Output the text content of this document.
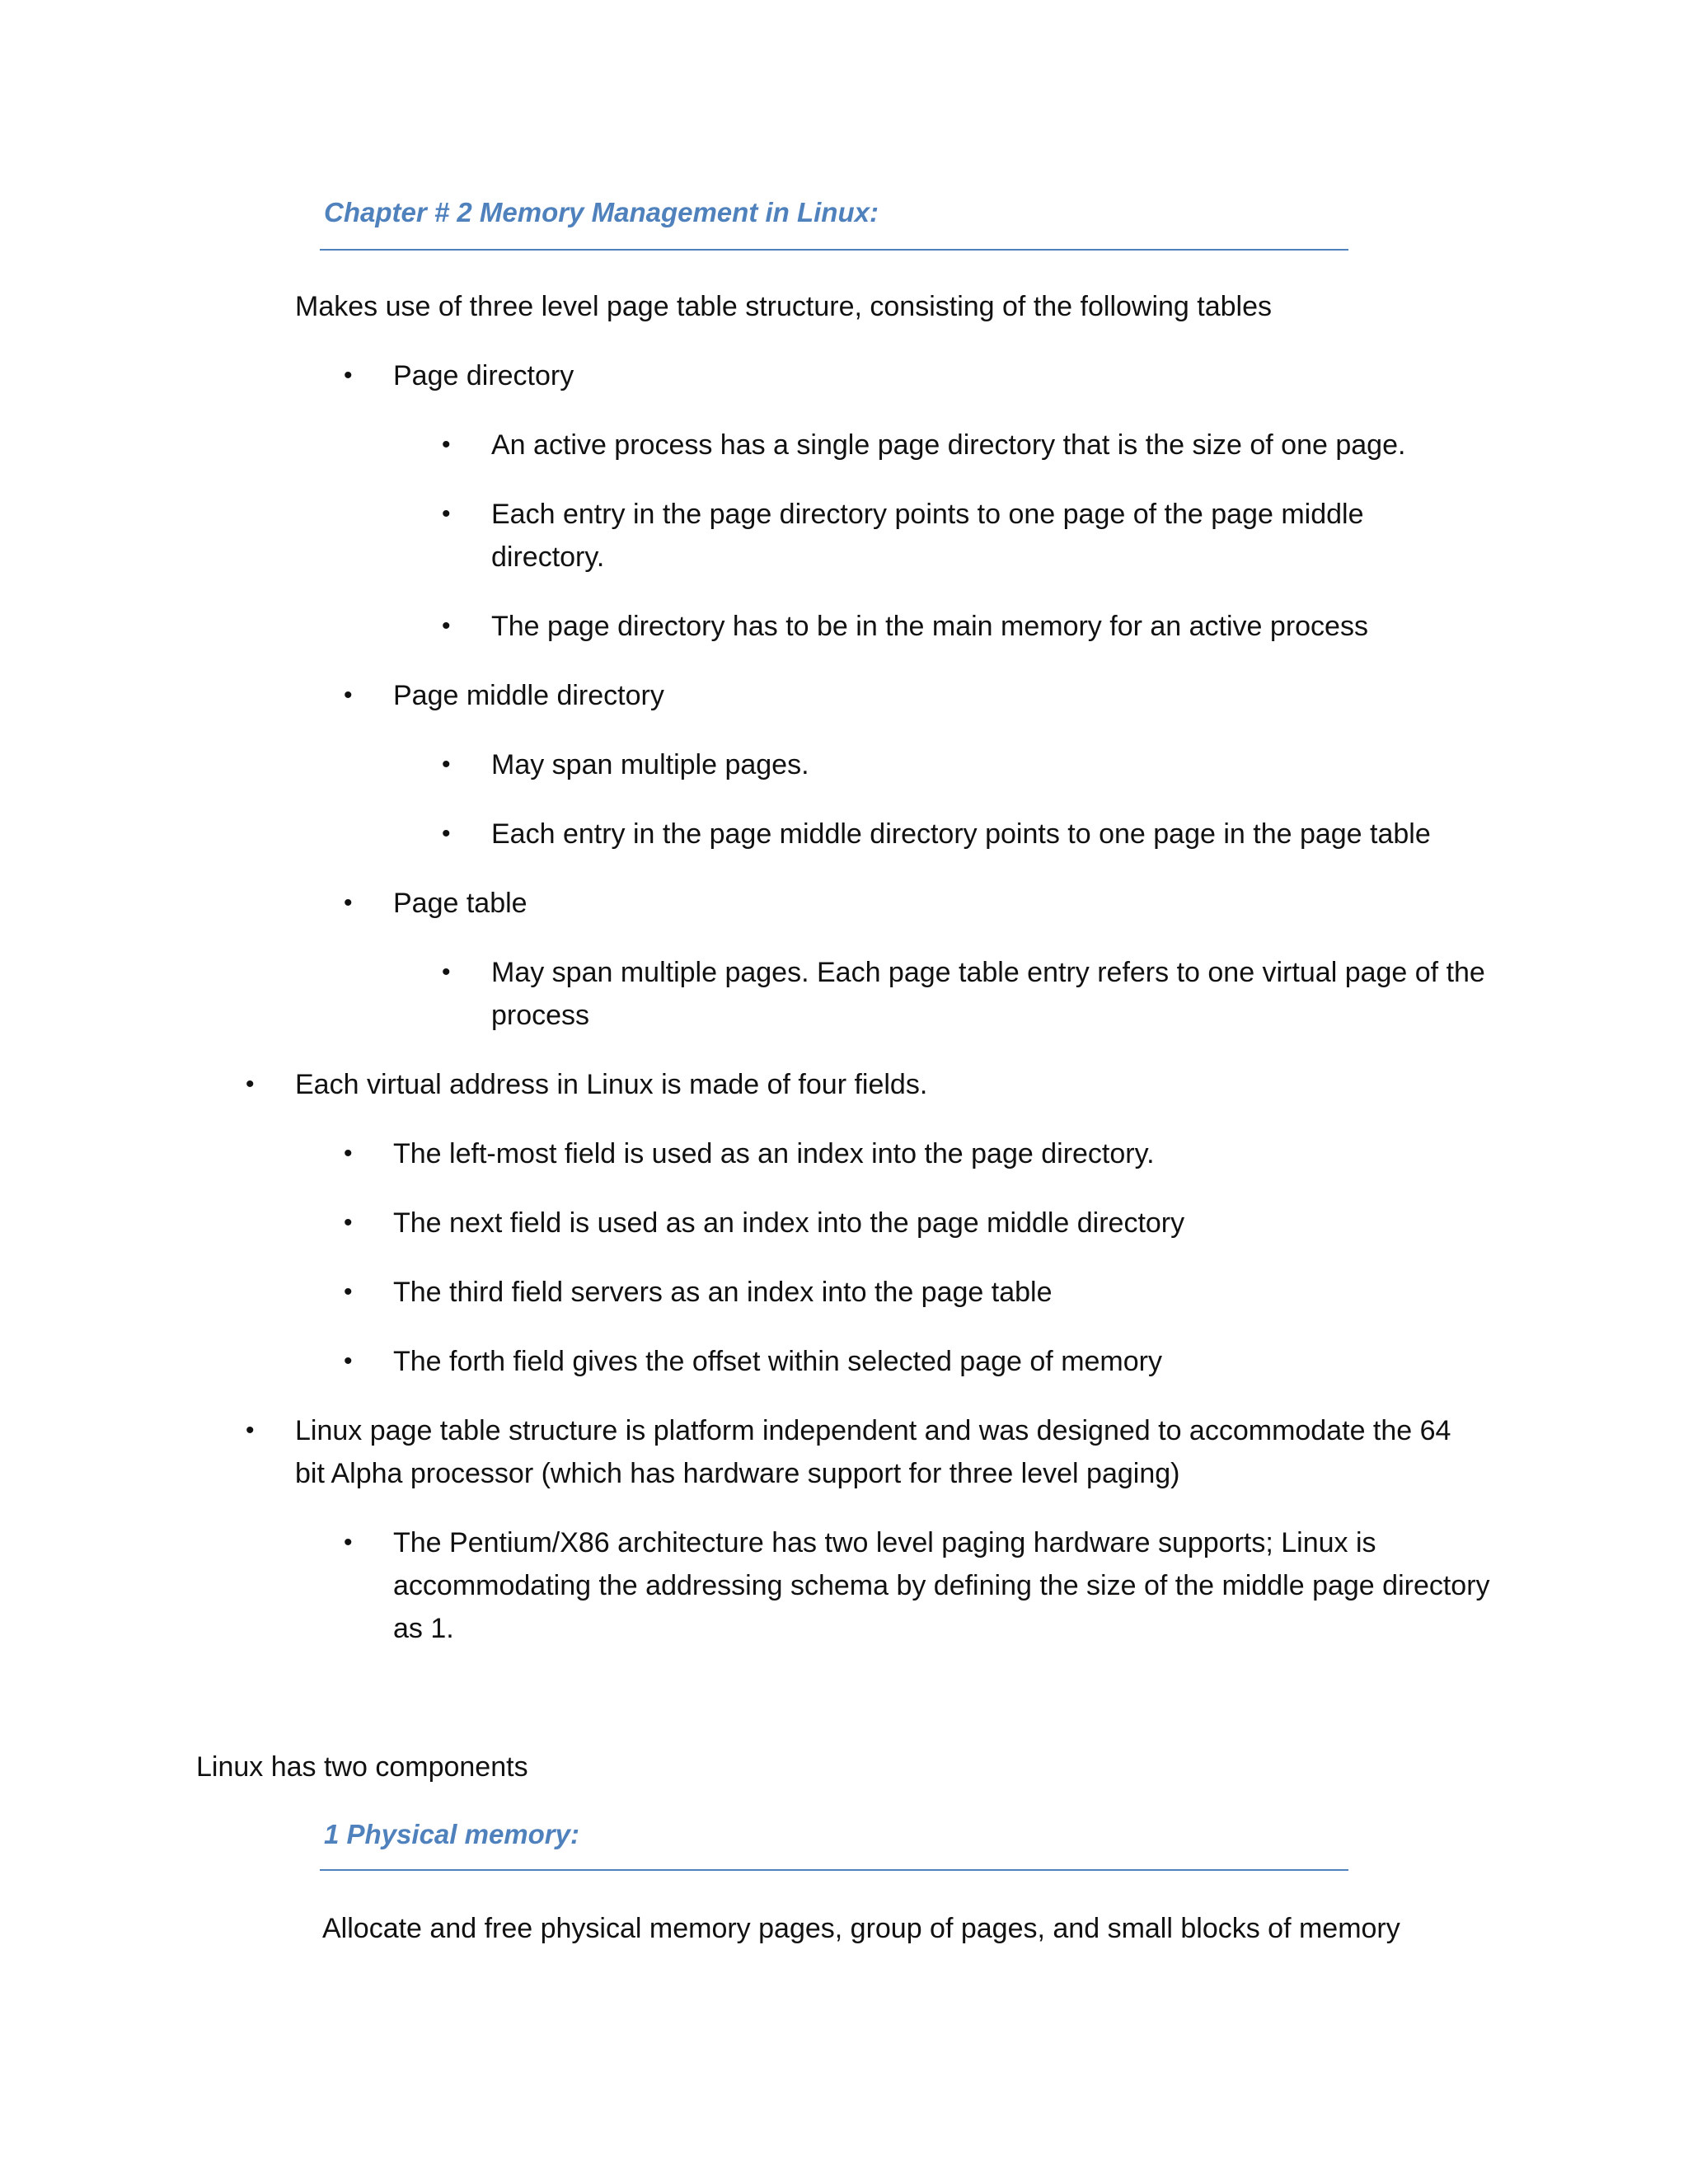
Chapter # 2 Memory Management in Linux:
Makes use of three level page table structure, consisting of the following tables
•
Page directory
•
An active process has a single page directory that is the size of one page.
•
Each entry in the page directory points to one page of the page middle
directory.
•
The page directory has to be in the main memory for an active process
•
Page middle directory
•
May span multiple pages.
•
Each entry in the page middle directory points to one page in the page table
•
Page table
•
May span multiple pages. Each page table entry refers to one virtual page of the
process
•
Each virtual address in Linux is made of four fields.
•
The left-most field is used as an index into the page directory.
•
The next field is used as an index into the page middle directory
•
The third field servers as an index into the page table
•
The forth field gives the offset within selected page of memory
•
Linux page table structure is platform independent and was designed to accommodate the 64
bit Alpha processor (which has hardware support for three level paging)
•
The Pentium/X86 architecture has two level paging hardware supports; Linux is
accommodating the addressing schema by defining the size of the middle page directory
as 1.
Linux has two components
1 Physical memory:
Allocate and free physical memory pages, group of pages, and small blocks of memory
